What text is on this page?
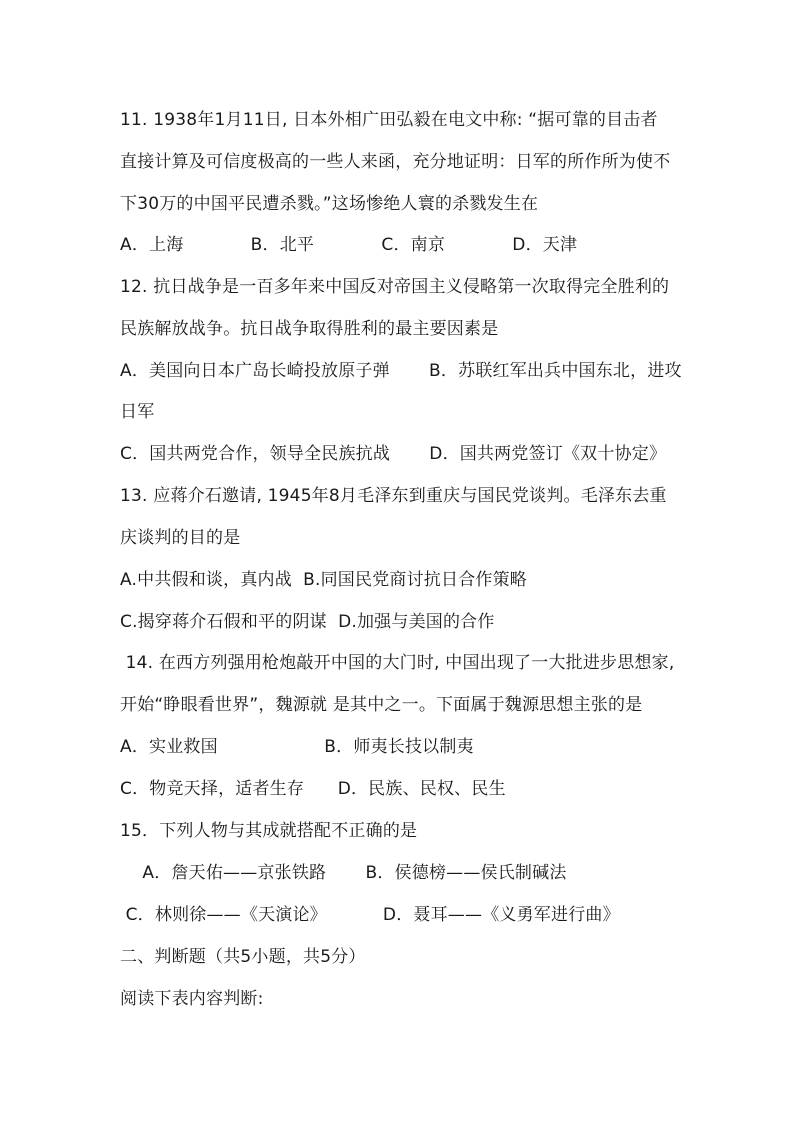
11. 1938年1月11日, 日本外相广田弘毅在电文中称: “据可靠的目击者
直接计算及可信度极高的一些人来函，充分地证明：日军的所作所为使不
下30万的中国平民遭杀戮。”这场惨绝人寰的杀戮发生在
A．上海            B．北平            C．南京            D．天津
12. 抗日战争是一百多年来中国反对帝国主义侵略第一次取得完全胜利的
民族解放战争。抗日战争取得胜利的最主要因素是
A．美国向日本广岛长崎投放原子弹       B．苏联红军出兵中国东北，进攻
日军
C．国共两党合作，领导全民族抗战       D．国共两党签订《双十协定》
13. 应蒋介石邀请, 1945年8月毛泽东到重庆与国民党谈判。毛泽东去重
庆谈判的目的是
A.中共假和谈，真内战  B.同国民党商讨抗日合作策略
C.揭穿蒋介石假和平的阴谋  D.加强与美国的合作
14. 在西方列强用枪炮敲开中国的大门时, 中国出现了一大批进步思想家,
开始“睁眼看世界”，魏源就 是其中之一。下面属于魏源思想主张的是
A．实业救国                   B．师夷长技以制夷
C．物竞天择，适者生存      D．民族、民权、民生
15．下列人物与其成就搭配不正确的是
A．詹天佑——京张铁路       B．侯德榜——侯氏制碱法
C．林则徐——《天演论》          D．聂耳——《义勇军进行曲》
二、判断题（共5小题，共5分）
阅读下表内容判断:
